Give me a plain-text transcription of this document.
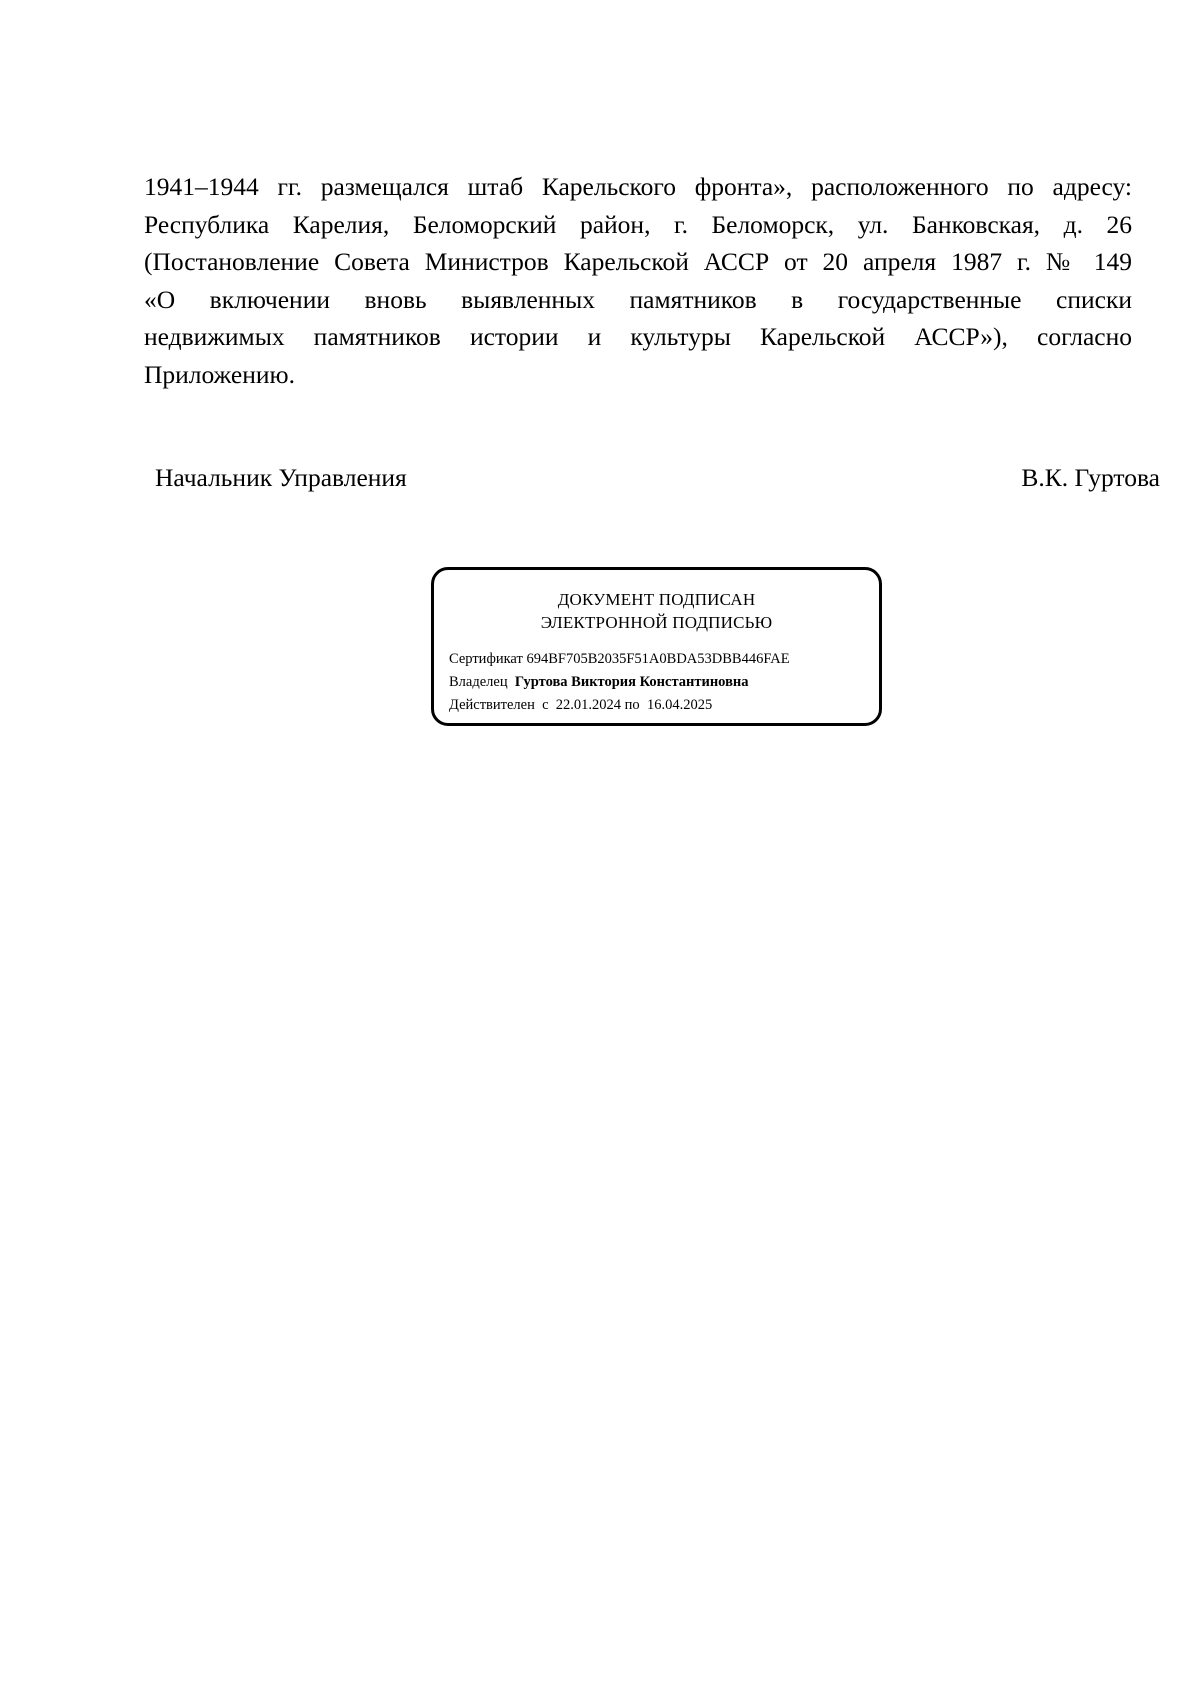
1941–1944 гг. размещался штаб Карельского фронта», расположенного по адресу:
Республика Карелия, Беломорский район, г. Беломорск, ул. Банковская, д. 26
(Постановление Совета Министров Карельской АССР от 20 апреля 1987 г. № 149
«О включении вновь выявленных памятников в государственные списки
недвижимых памятников истории и культуры Карельской АССР»), согласно
Приложению.

Начальник Управления	В.К. Гуртова
ДОКУМЕНТ ПОДПИСАН
ЭЛЕКТРОННОЙ ПОДПИСЬЮ
Сертификат 694BF705B2035F51A0BDA53DBB446FAE
Владелец Гуртова Виктория Константиновна
Действителен с 22.01.2024 по 16.04.2025
